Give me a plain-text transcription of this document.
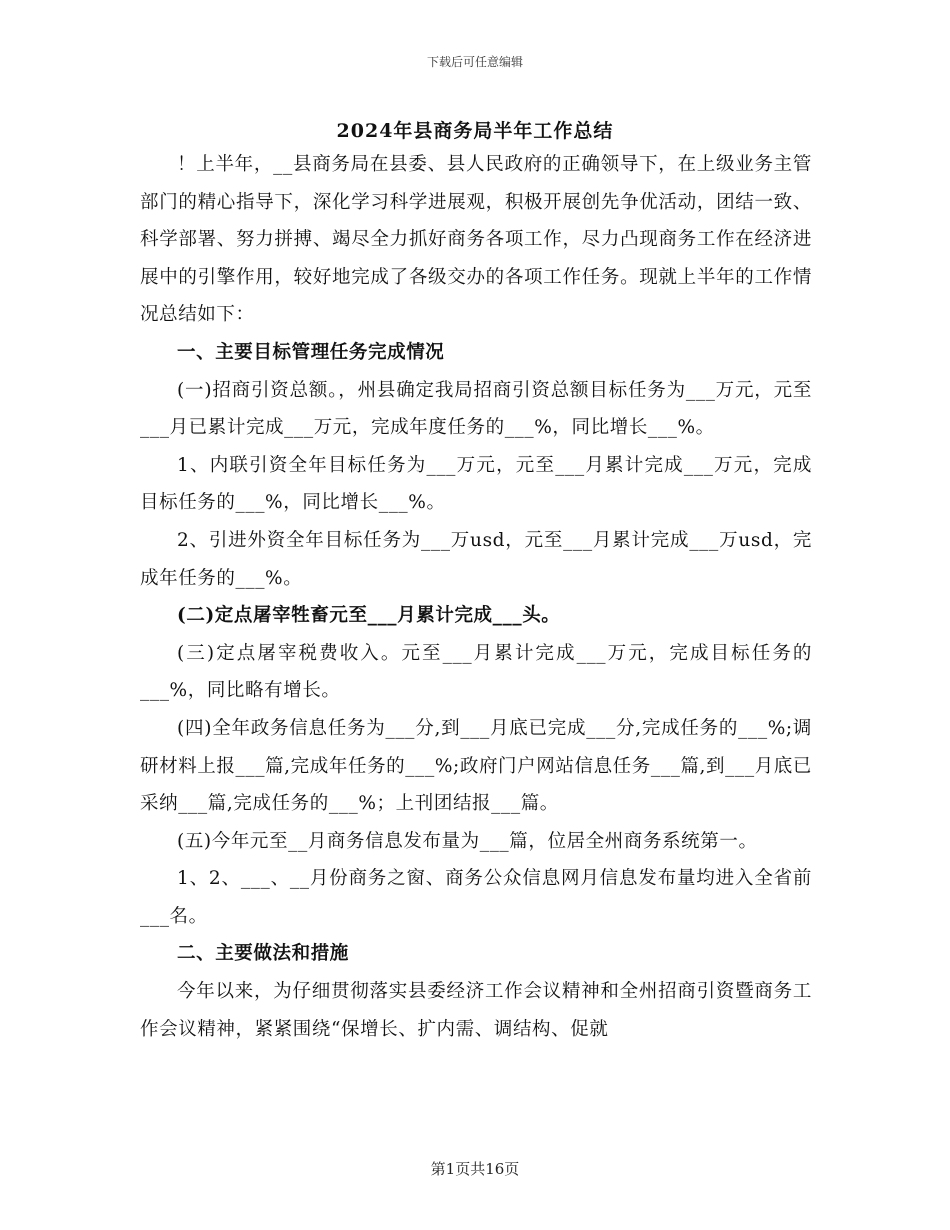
下载后可任意编辑
2024年县商务局半年工作总结

！上半年，__县商务局在县委、县人民政府的正确领导下，在上级业务主管部门的精心指导下，深化学习科学进展观，积极开展创先争优活动，团结一致、科学部署、努力拼搏、竭尽全力抓好商务各项工作，尽力凸现商务工作在经济进展中的引擎作用，较好地完成了各级交办的各项工作任务。现就上半年的工作情况总结如下：

一、主要目标管理任务完成情况

(一)招商引资总额。，州县确定我局招商引资总额目标任务为___万元，元至___月已累计完成___万元，完成年度任务的___%，同比增长___%。

1、内联引资全年目标任务为___万元，元至___月累计完成___万元，完成目标任务的___%，同比增长___%。

2、引进外资全年目标任务为___万usd，元至___月累计完成___万usd，完成年任务的___%。

(二)定点屠宰牲畜元至___月累计完成___头。

(三)定点屠宰税费收入。元至___月累计完成___万元，完成目标任务的___%，同比略有增长。

(四)全年政务信息任务为___分,到___月底已完成___分,完成任务的___%;调研材料上报___篇,完成年任务的___%;政府门户网站信息任务___篇,到___月底已采纳___篇,完成任务的___%；上刊团结报___篇。

(五)今年元至__月商务信息发布量为___篇，位居全州商务系统第一。

1、2、___、__月份商务之窗、商务公众信息网月信息发布量均进入全省前___名。

二、主要做法和措施

今年以来，为仔细贯彻落实县委经济工作会议精神和全州招商引资暨商务工作会议精神，紧紧围绕“保增长、扩内需、调结构、促就

第1页共16页
